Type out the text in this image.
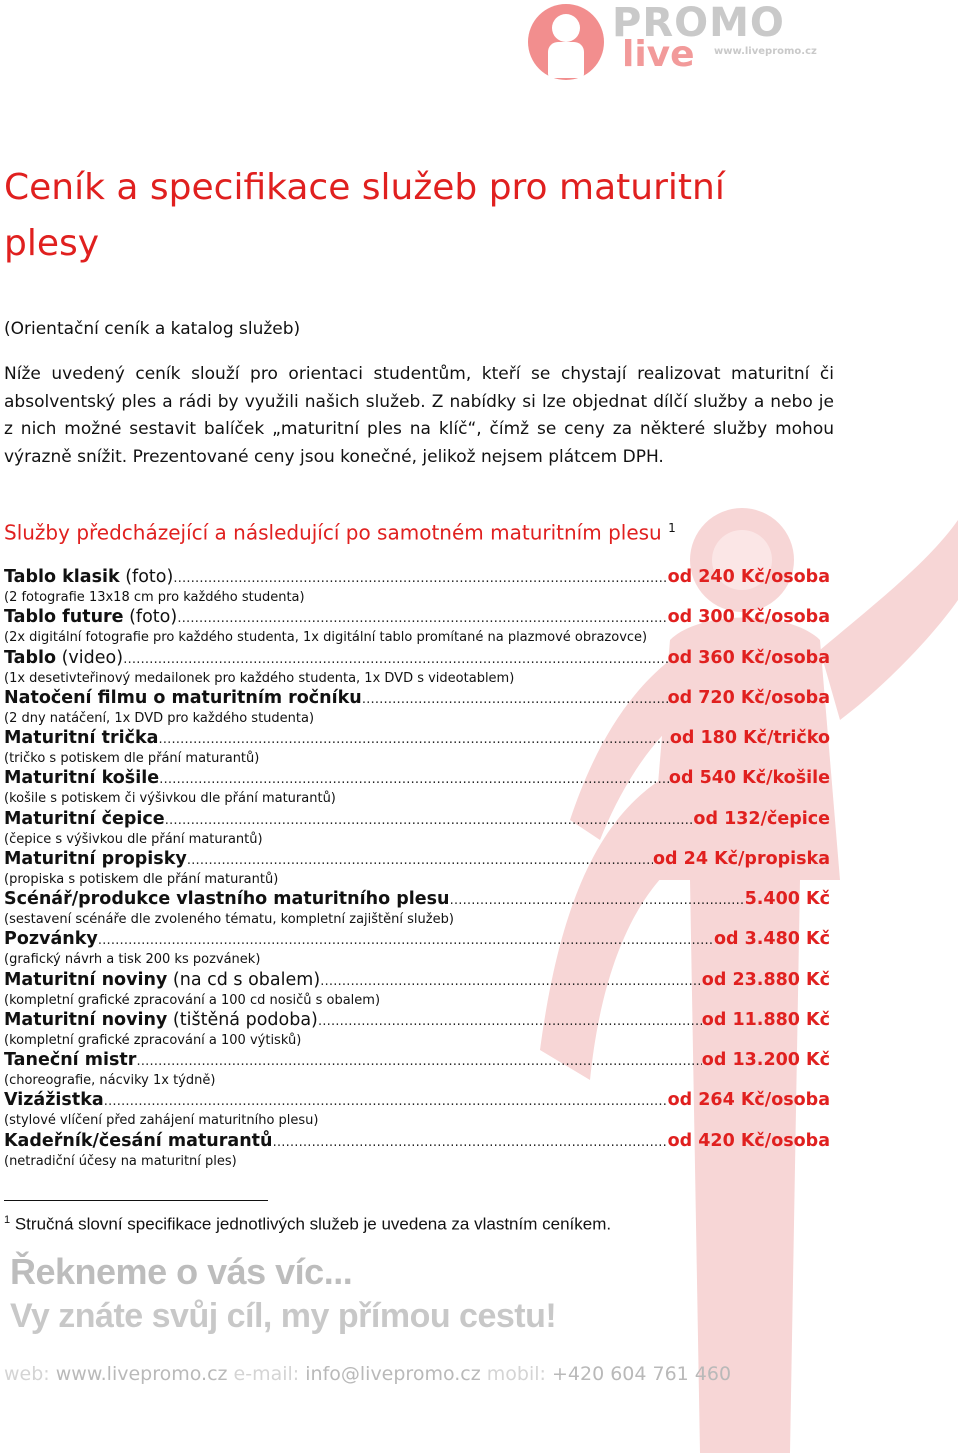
PROMO
live www.livepromo.cz
Ceník a specifikace služeb pro maturitní plesy

(Orientační ceník a katalog služeb)

Níže uvedený ceník slouží pro orientaci studentům, kteří se chystají realizovat maturitní či absolventský ples a rádi by využili našich služeb. Z nabídky si lze objednat dílčí služby a nebo je z nich možné sestavit balíček „maturitní ples na klíč“, čímž se ceny za některé služby mohou výrazně snížit. Prezentované ceny jsou konečné, jelikož nejsem plátcem DPH.

Služby předcházející a následující po samotném maturitním plesu $^1$
Tablo klasik (foto) ……………………………………………………………………………………………………………………………………………………………………………………………………………………	od 240 Kč/osoba
(2 fotografie 13x18 cm pro každého studenta)
Tablo future (foto) ……………………………………………………………………………………………………………………………………………………………………………………………………………………	od 300 Kč/osoba
(2x digitální fotografie pro každého studenta, 1x digitální tablo promítané na plazmové obrazovce)
Tablo (video) ……………………………………………………………………………………………………………………………………………………………………………………………………………………	od 360 Kč/osoba
(1x desetivteřinový medailonek pro každého studenta, 1x DVD s videotablem)
Natočení filmu o maturitním ročníku ……………………………………………………………………………………………………………………………………………………………………………………………………………………	od 720 Kč/osoba
(2 dny natáčení, 1x DVD pro každého studenta)
Maturitní trička ……………………………………………………………………………………………………………………………………………………………………………………………………………………	od 180 Kč/tričko
(tričko s potiskem dle přání maturantů)
Maturitní košile ……………………………………………………………………………………………………………………………………………………………………………………………………………………	od 540 Kč/košile
(košile s potiskem či výšivkou dle přání maturantů)
Maturitní čepice ……………………………………………………………………………………………………………………………………………………………………………………………………………………	od 132/čepice
(čepice s výšivkou dle přání maturantů)
Maturitní propisky ……………………………………………………………………………………………………………………………………………………………………………………………………………………	od 24 Kč/propiska
(propiska s potiskem dle přání maturantů)
Scénář/produkce vlastního maturitního plesu ……………………………………………………………………………………………………………………………………………………………………………………………………………………	5.400 Kč
(sestavení scénáře dle zvoleného tématu, kompletní zajištění služeb)
Pozvánky ……………………………………………………………………………………………………………………………………………………………………………………………………………………	od 3.480 Kč
(grafický návrh a tisk 200 ks pozvánek)
Maturitní noviny (na cd s obalem) ……………………………………………………………………………………………………………………………………………………………………………………………………………………	od 23.880 Kč
(kompletní grafické zpracování a 100 cd nosičů s obalem)
Maturitní noviny (tištěná podoba) ……………………………………………………………………………………………………………………………………………………………………………………………………………………	od 11.880 Kč
(kompletní grafické zpracování a 100 výtisků)
Taneční mistr ……………………………………………………………………………………………………………………………………………………………………………………………………………………	od 13.200 Kč
(choreografie, nácviky 1x týdně)
Vizážistka ……………………………………………………………………………………………………………………………………………………………………………………………………………………	od 264 Kč/osoba
(stylové vlíčení před zahájení maturitního plesu)
Kadeřník/česání maturantů ……………………………………………………………………………………………………………………………………………………………………………………………………………………	od 420 Kč/osoba
(netradiční účesy na maturitní ples)

$^1$ Stručná slovní specifikace jednotlivých služeb je uvedena za vlastním ceníkem.

Řekneme o vás víc...
Vy znáte svůj cíl, my přímou cestu!
web: www.livepromo.cz e-mail: info@livepromo.cz mobil: +420 604 761 460
